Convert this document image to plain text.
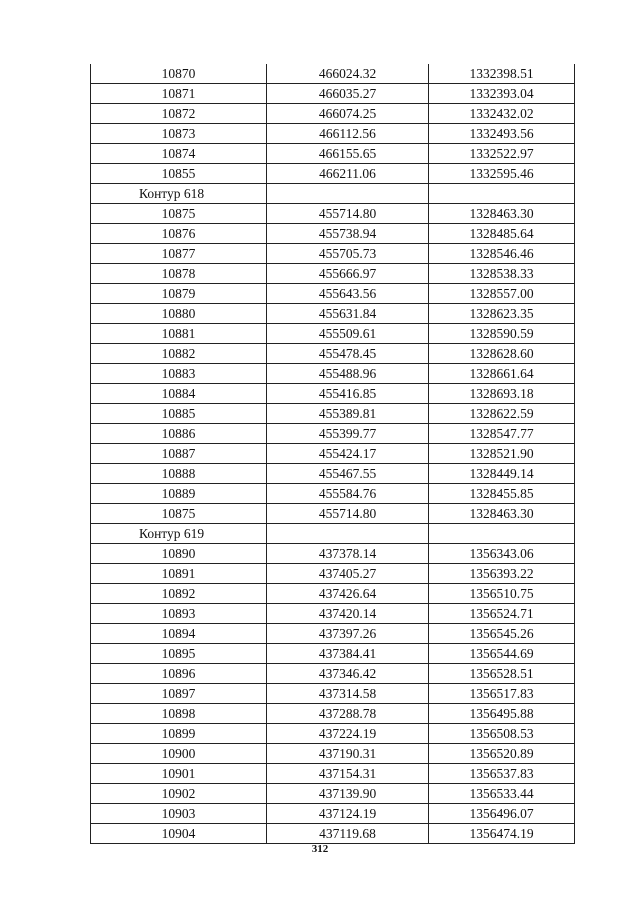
10870	466024.32	1332398.51
10871	466035.27	1332393.04
10872	466074.25	1332432.02
10873	466112.56	1332493.56
10874	466155.65	1332522.97
10855	466211.06	1332595.46
Контур 618		
10875	455714.80	1328463.30
10876	455738.94	1328485.64
10877	455705.73	1328546.46
10878	455666.97	1328538.33
10879	455643.56	1328557.00
10880	455631.84	1328623.35
10881	455509.61	1328590.59
10882	455478.45	1328628.60
10883	455488.96	1328661.64
10884	455416.85	1328693.18
10885	455389.81	1328622.59
10886	455399.77	1328547.77
10887	455424.17	1328521.90
10888	455467.55	1328449.14
10889	455584.76	1328455.85
10875	455714.80	1328463.30
Контур 619		
10890	437378.14	1356343.06
10891	437405.27	1356393.22
10892	437426.64	1356510.75
10893	437420.14	1356524.71
10894	437397.26	1356545.26
10895	437384.41	1356544.69
10896	437346.42	1356528.51
10897	437314.58	1356517.83
10898	437288.78	1356495.88
10899	437224.19	1356508.53
10900	437190.31	1356520.89
10901	437154.31	1356537.83
10902	437139.90	1356533.44
10903	437124.19	1356496.07
10904	437119.68	1356474.19
312
